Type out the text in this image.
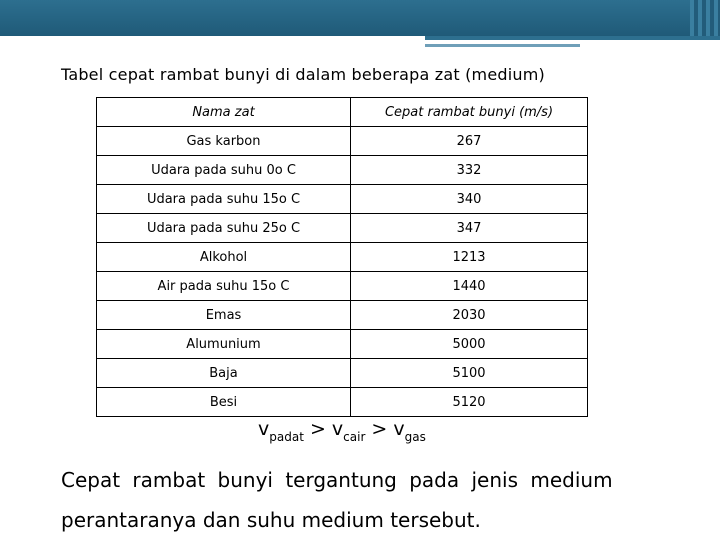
Tabel cepat rambat bunyi di dalam beberapa zat (medium)
Nama zat	Cepat rambat bunyi (m/s)
Gas karbon	267
Udara pada suhu 0o C	332
Udara pada suhu 15o C	340
Udara pada suhu 25o C	347
Alkohol	1213
Air pada suhu 15o C	1440
Emas	2030
Alumunium	5000
Baja	5100
Besi	5120
$v_{padat} > v_{cair} > v_{gas}$
Cepat rambat bunyi tergantung pada jenis medium
perantaranya dan suhu medium tersebut.
